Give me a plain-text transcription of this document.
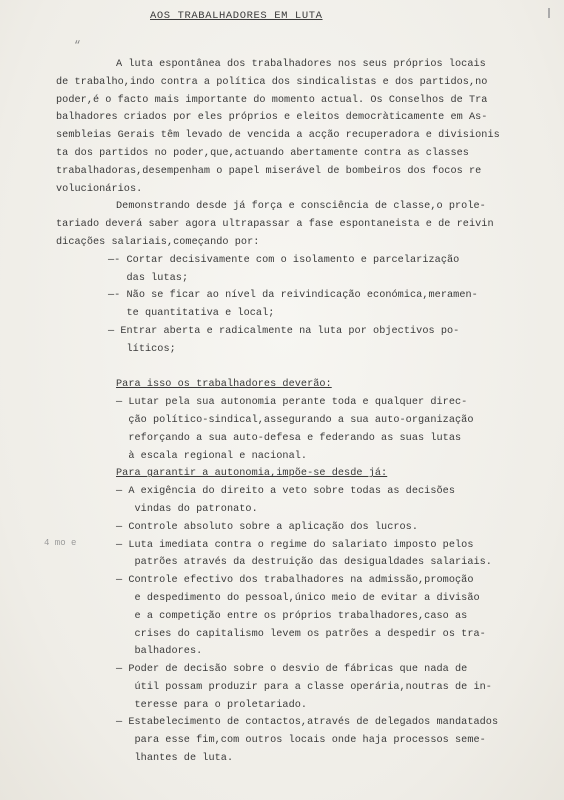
“
AOS TRABALHADORES EM LUTA
4 mo e
A luta espontânea dos trabalhadores nos seus próprios locais
de trabalho,indo contra a política dos sindicalistas e dos partidos,no
poder,é o facto mais importante do momento actual. Os Conselhos de Tra
balhadores criados por eles próprios e eleitos democràticamente em As-
sembleias Gerais têm levado de vencida a acção recuperadora e divisionis
ta dos partidos no poder,que,actuando abertamente contra as classes
trabalhadoras,desempenham o papel miserável de bombeiros dos focos re
volucionários.
Demonstrando desde já força e consciência de classe,o prole-
tariado deverá saber agora ultrapassar a fase espontaneista e de reivin
dicações salariais,começando por:
—- Cortar decisivamente com o isolamento e parcelarização
das lutas;
—- Não se ficar ao nível da reivindicação económica,meramen-
te quantitativa e local;
— Entrar aberta e radicalmente na luta por objectivos po-
líticos;
Para isso os trabalhadores deverão:
— Lutar pela sua autonomia perante toda e qualquer direc-
ção político-sindical,assegurando a sua auto-organização
reforçando a sua auto-defesa e federando as suas lutas
à escala regional e nacional.
Para garantir a autonomia,impõe-se desde já:
— A exigência do direito a veto sobre todas as decisões
vindas do patronato.
— Controle absoluto sobre a aplicação dos lucros.
— Luta imediata contra o regime do salariato imposto pelos
patrões através da destruição das desigualdades salariais.
— Controle efectivo dos trabalhadores na admissão,promoção
e despedimento do pessoal,único meio de evitar a divisão
e a competição entre os próprios trabalhadores,caso as
crises do capitalismo levem os patrões a despedir os tra-
balhadores.
— Poder de decisão sobre o desvio de fábricas que nada de
útil possam produzir para a classe operária,noutras de in-
teresse para o proletariado.
— Estabelecimento de contactos,através de delegados mandatados
para esse fim,com outros locais onde haja processos seme-
lhantes de luta.
